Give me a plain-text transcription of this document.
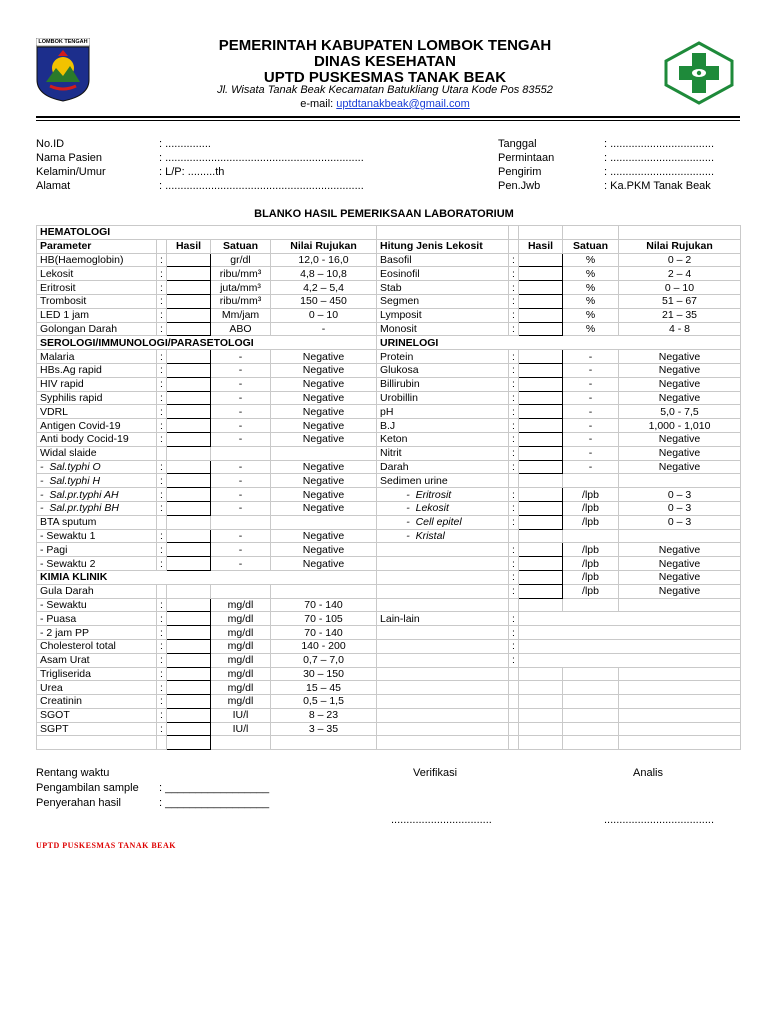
LOMBOK TENGAH	PEMERINTAH KABUPATEN LOMBOK TENGAH
DINAS KESEHATAN
UPTD PUSKESMAS TANAK BEAK
Jl. Wisata Tanak Beak Kecamatan Batukliang Utara Kode Pos 83552
e-mail: uptdtanakbeak@gmail.com
No.ID	: ...............
Nama Pasien	: .................................................................
Kelamin/Umur	: L/P: .........th
Alamat	: .................................................................
Tanggal	: ..................................
Permintaan	: ..................................
Pengirim	: ..................................
Pen.Jwb	: Ka.PKM Tanak Beak
BLANKO HASIL PEMERIKSAAN LABORATORIUM
HEMATOLOGI									
Parameter		Hasil	Satuan	Nilai Rujukan	Hitung Jenis Lekosit		Hasil	Satuan	Nilai Rujukan
HB(Haemoglobin)	:		gr/dl	12,0 - 16,0	Basofil	:		%	0 – 2
Lekosit	:		ribu/mm³	4,8 – 10,8	Eosinofil	:		%	2 – 4
Eritrosit	:		juta/mm³	4,2 – 5,4	Stab	:		%	0 – 10
Trombosit	:		ribu/mm³	150 – 450	Segmen	:		%	51 – 67
LED 1 jam	:		Mm/jam	0 – 10	Lymposit	:		%	21 – 35
Golongan Darah	:		ABO	-	Monosit	:		%	4 - 8
SEROLOGI/IMMUNOLOGI/PARASETOLOGI					URINELOGI				
Malaria	:		-	Negative	Protein	:		-	Negative
HBs.Ag rapid	:		-	Negative	Glukosa	:		-	Negative
HIV rapid	:		-	Negative	Billirubin	:		-	Negative
Syphilis rapid	:		-	Negative	Urobillin	:		-	Negative
VDRL	:		-	Negative	pH	:		-	5,0 - 7,5
Antigen Covid-19	:		-	Negative	B.J	:		-	1,000 - 1,010
Anti body Cocid-19	:		-	Negative	Keton	:		-	Negative
Widal slaide					Nitrit	:		-	Negative
-  Sal.typhi O	:		-	Negative	Darah	:		-	Negative
-  Sal.typhi H	:		-	Negative	Sedimen urine				
-  Sal.pr.typhi AH	:		-	Negative	-  Eritrosit	:		/lpb	0 – 3
-  Sal.pr.typhi BH	:		-	Negative	-  Lekosit	:		/lpb	0 – 3
BTA sputum					-  Cell epitel	:		/lpb	0 – 3
- Sewaktu 1	:		-	Negative	-  Kristal				
- Pagi	:		-	Negative		:		/lpb	Negative
- Sewaktu 2	:		-	Negative		:		/lpb	Negative
KIMIA KLINIK						:		/lpb	Negative
Gula Darah						:		/lpb	Negative
- Sewaktu	:		mg/dl	70 - 140					
- Puasa	:		mg/dl	70 - 105	Lain-lain	:			
- 2 jam PP	:		mg/dl	70 - 140		:			
Cholesterol total	:		mg/dl	140 - 200		:			
Asam Urat	:		mg/dl	0,7 – 7,0		:			
Trigliserida	:		mg/dl	30 – 150					
Urea	:		mg/dl	15 – 45					
Creatinin	:		mg/dl	0,5 – 1,5					
SGOT	:		IU/l	8 – 23					
SGPT	:		IU/l	3 – 35					

Rentang waktu
Pengambilan sample : _________________
Penyerahan hasil	: _________________
Verifikasi	Analis
.................................	....................................
UPTD PUSKESMAS TANAK BEAK
